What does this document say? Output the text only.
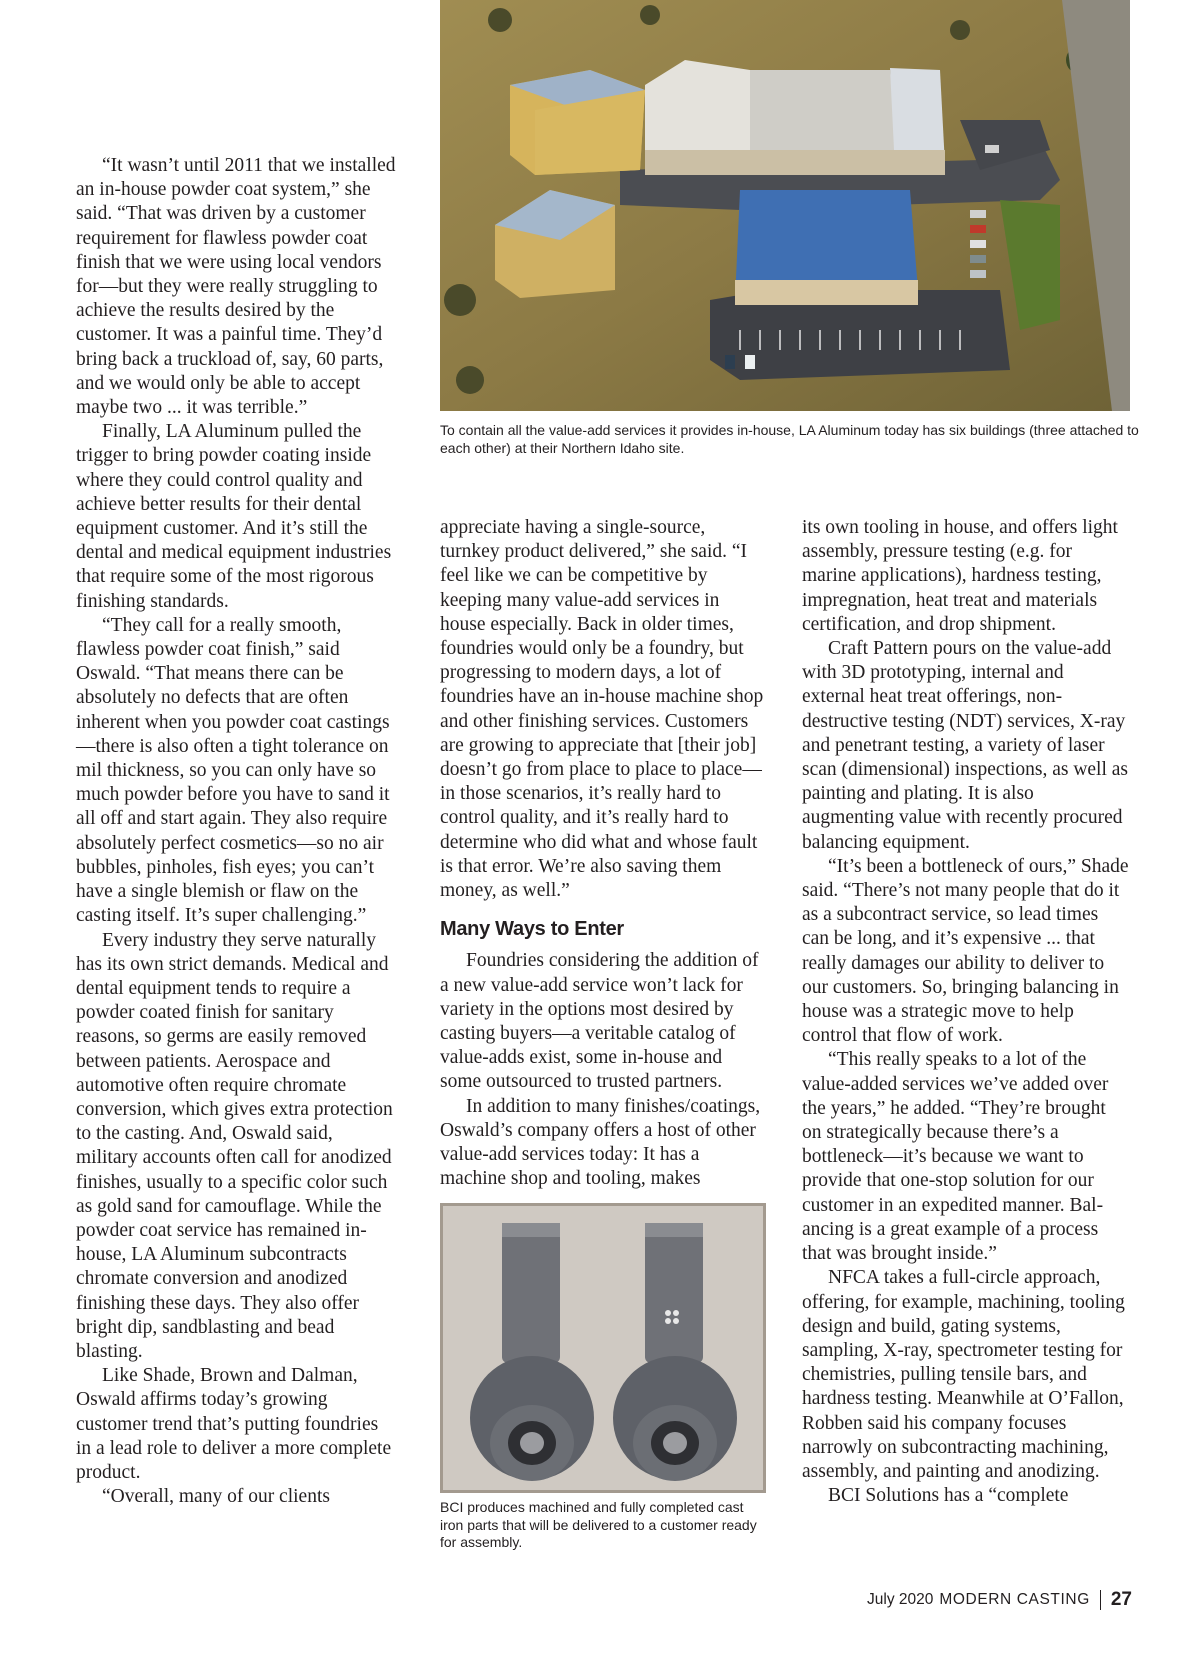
To contain all the value-add services it provides in-house, LA Aluminum today has six buildings (three attached to each other) at their Northern Idaho site.

“It wasn’t until 2011 that we installed an in-house powder coat system,” she said. “That was driven by a customer requirement for flawless powder coat finish that we were using local vendors for—but they were really struggling to achieve the results desired by the customer. It was a painful time. They’d bring back a truckload of, say, 60 parts, and we would only be able to accept maybe two ... it was terrible.”

Finally, LA Aluminum pulled the trigger to bring powder coating inside where they could control quality and achieve better results for their dental equipment customer. And it’s still the dental and medical equipment industries that require some of the most rigorous finishing standards.

“They call for a really smooth, flawless powder coat finish,” said Oswald. “That means there can be absolutely no defects that are often inherent when you powder coat castings—there is also often a tight tolerance on mil thickness, so you can only have so much powder before you have to sand it all off and start again. They also require absolutely perfect cosmetics—so no air bubbles, pinholes, fish eyes; you can’t have a single blemish or flaw on the casting itself. It’s super challenging.”

Every industry they serve naturally has its own strict demands. Medical and dental equipment tends to require a powder coated finish for sanitary reasons, so germs are easily removed between patients. Aerospace and automotive often require chromate conversion, which gives extra protection to the casting. And, Oswald said, military accounts often call for anodized finishes, usually to a specific color such as gold sand for camouflage. While the powder coat service has remained in-house, LA Aluminum subcontracts chromate conversion and anodized finishing these days. They also offer bright dip, sandblasting and bead blasting.

Like Shade, Brown and Dalman, Oswald affirms today’s growing customer trend that’s putting foundries in a lead role to deliver a more complete product.

“Overall, many of our clients

appreciate having a single-source, turnkey product delivered,” she said. “I feel like we can be competitive by keeping many value-add services in house especially. Back in older times, foundries would only be a foundry, but progressing to modern days, a lot of foundries have an in-house machine shop and other finishing services. Customers are growing to appreciate that [their job] doesn’t go from place to place to place—in those scenarios, it’s really hard to control quality, and it’s really hard to determine who did what and whose fault is that error. We’re also saving them money, as well.”

Many Ways to Enter

Foundries considering the addition of a new value-add service won’t lack for variety in the options most desired by casting buyers—a veritable catalog of value-adds exist, some in-house and some outsourced to trusted partners.

In addition to many finishes/coatings, Oswald’s company offers a host of other value-add services today: It has a machine shop and tooling, makes

BCI produces machined and fully completed cast iron parts that will be delivered to a customer ready for assembly.

its own tooling in house, and offers light assembly, pressure testing (e.g. for marine applications), hardness testing, impregnation, heat treat and materials certification, and drop shipment.

Craft Pattern pours on the value-add with 3D prototyping, internal and external heat treat offerings, non-destructive testing (NDT) services, X-ray and penetrant testing, a variety of laser scan (dimensional) inspections, as well as painting and plating. It is also augmenting value with recently procured balancing equipment.

“It’s been a bottleneck of ours,” Shade said. “There’s not many people that do it as a subcontract service, so lead times can be long, and it’s expensive ... that really damages our ability to deliver to our customers. So, bringing balancing in house was a strategic move to help control that flow of work.

“This really speaks to a lot of the value-added services we’ve added over the years,” he added. “They’re brought on strategically because there’s a bottleneck—it’s because we want to provide that one-stop solution for our customer in an expedited manner. Balancing is a great example of a process that was brought inside.”

NFCA takes a full-circle approach, offering, for example, machining, tooling design and build, gating systems, sampling, X-ray, spectrometer testing for chemistries, pulling tensile bars, and hardness testing. Meanwhile at O’Fallon, Robben said his company focuses narrowly on subcontracting machining, assembly, and painting and anodizing.

BCI Solutions has a “complete

July 2020 MODERN CASTING 27
